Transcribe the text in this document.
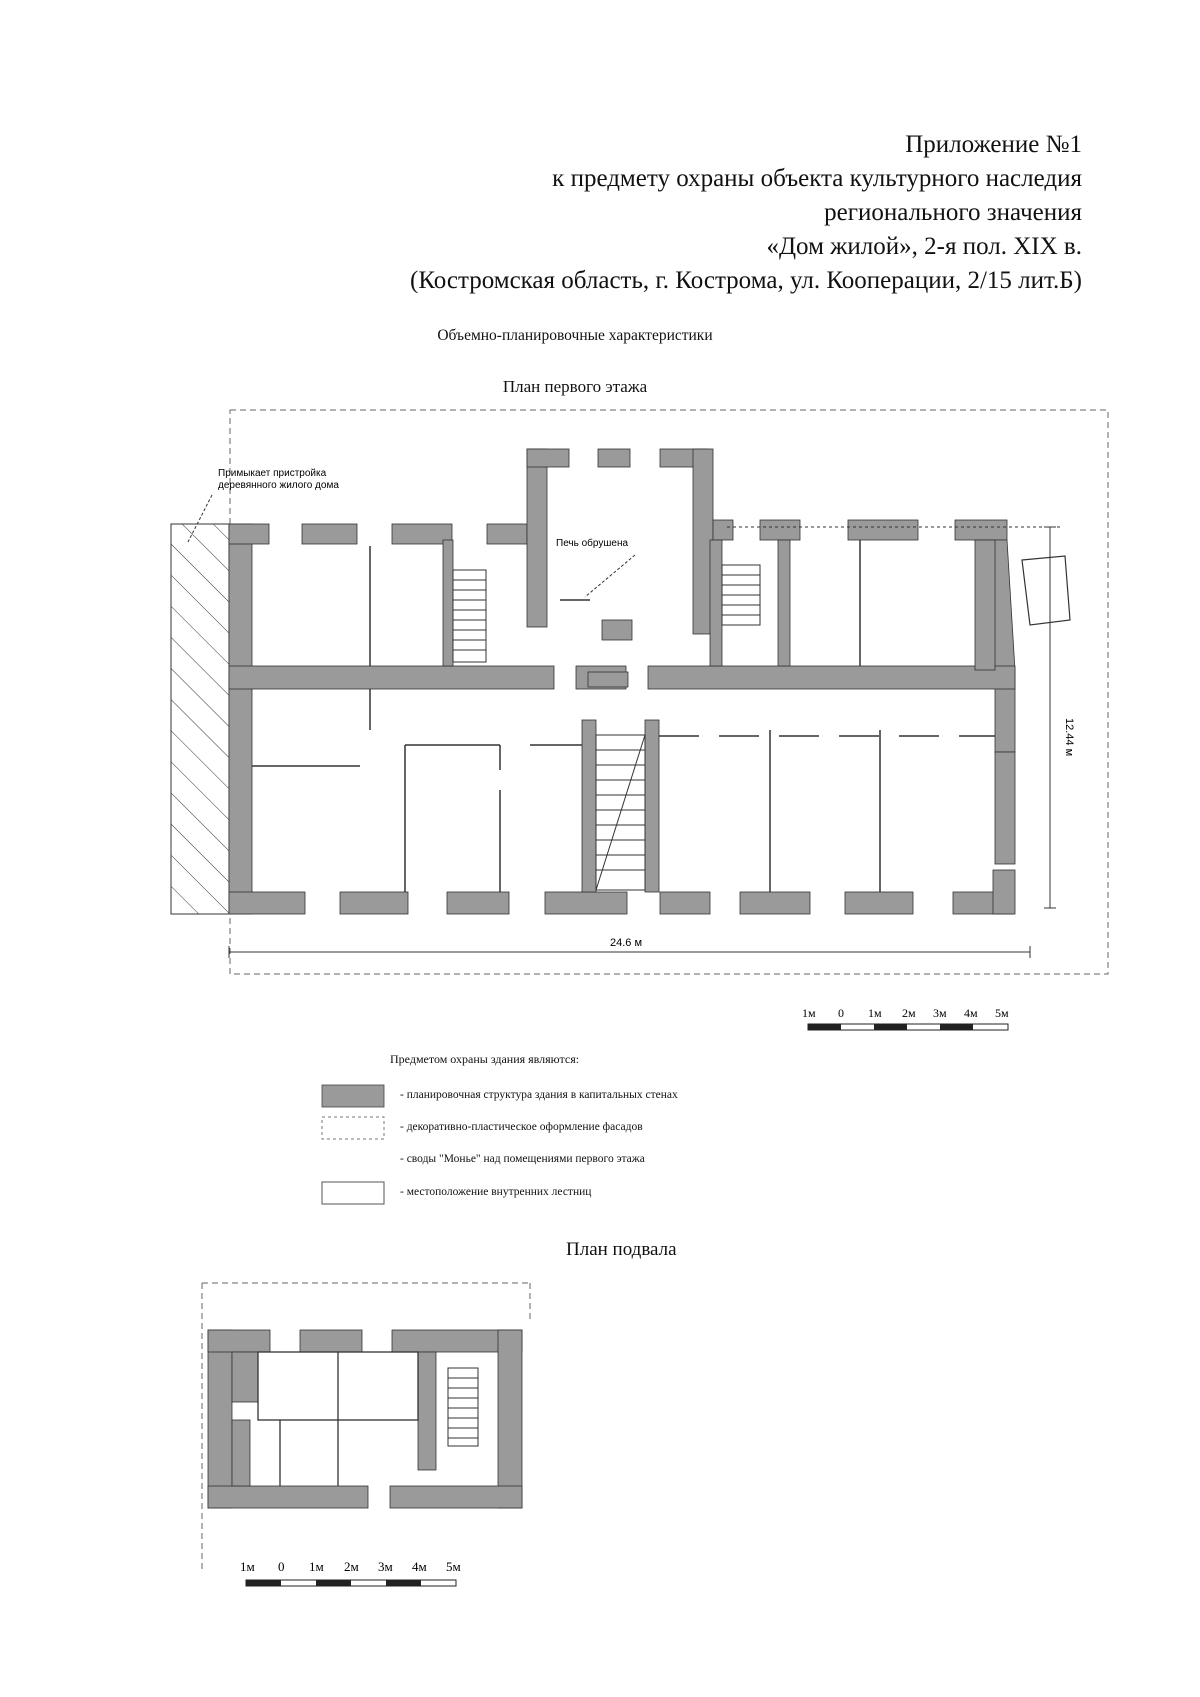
Приложение №1
к предмету охраны объекта культурного наследия
регионального значения
«Дом жилой», 2-я пол. XIX в.
(Костромская область, г. Кострома, ул. Кооперации, 2/15 лит.Б)
Объемно-планировочные характеристики
План первого этажа
Примыкает пристройка
деревянного жилого дома
Печь обрушена
24.6 м
12.44 м
1м 0 1м 2м 3м 4м 5м
1м 0 1м 2м 3м 4м 5м
Предметом охраны здания являются:
- планировочная структура здания в капитальных стенах
- декоративно-пластическое оформление фасадов
- своды "Монье" над помещениями первого этажа
- местоположение внутренних лестниц
План подвала
